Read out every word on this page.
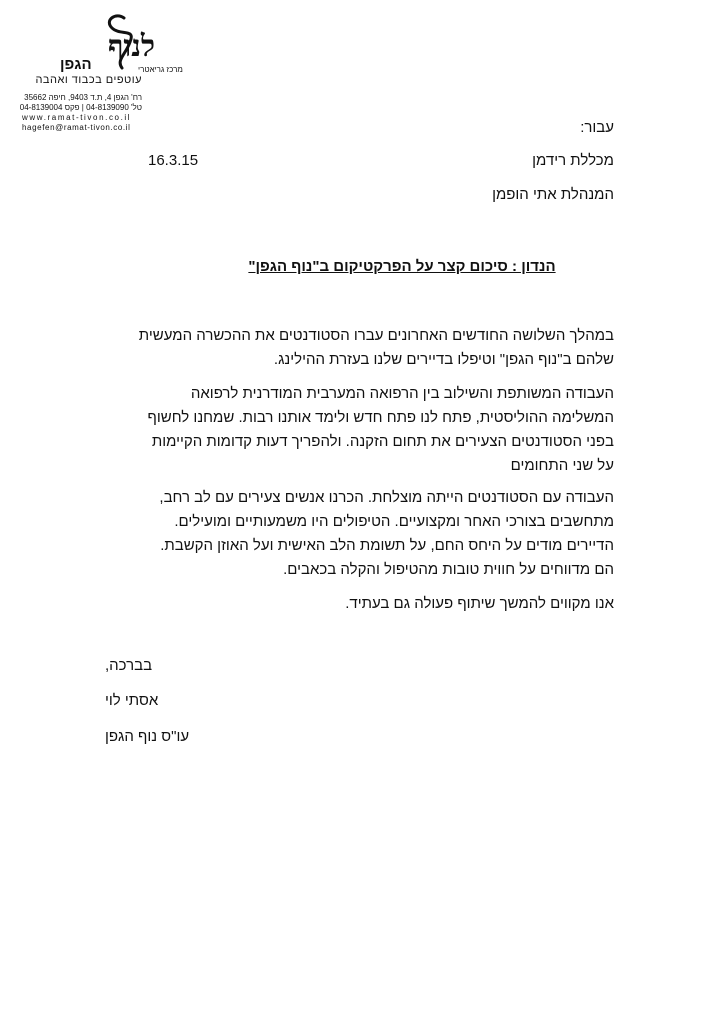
לנוף
הגפן	מרכז גריאטרי
עוטפים בכבוד ואהבה
רח' הגפן 4, ת.ד 9403, חיפה 35662
טל' 04-8139090 | פקס 04-8139004
www.ramat-tivon.co.il
hagefen@ramat-tivon.co.il	עבור:
מכללת רידמן
16.3.15
המנהלת אתי הופמן
הנדון : סיכום קצר על הפרקטיקום ב"נוף הגפן"
במהלך השלושה החודשים האחרונים עברו הסטודנטים את ההכשרה המעשית
שלהם ב"נוף הגפן" וטיפלו בדיירים שלנו בעזרת ההילינג.
העבודה המשותפת והשילוב בין הרפואה המערבית המודרנית לרפואה
המשלימה ההוליסטית, פתח לנו פתח חדש ולימד אותנו רבות. שמחנו לחשוף
בפני הסטודנטים הצעירים את תחום הזקנה. ולהפריך דעות קדומות הקיימות
על שני התחומים
העבודה עם הסטודנטים הייתה מוצלחת. הכרנו אנשים צעירים עם לב רחב,
מתחשבים בצורכי האחר ומקצועיים. הטיפולים היו משמעותיים ומועילים.
הדיירים מודים על היחס החם, על תשומת הלב האישית ועל האוזן הקשבת.
הם מדווחים על חווית טובות מהטיפול והקלה בכאבים.
אנו מקווים להמשך שיתוף פעולה גם בעתיד.
בברכה,
אסתי לוי
עו"ס נוף הגפן
